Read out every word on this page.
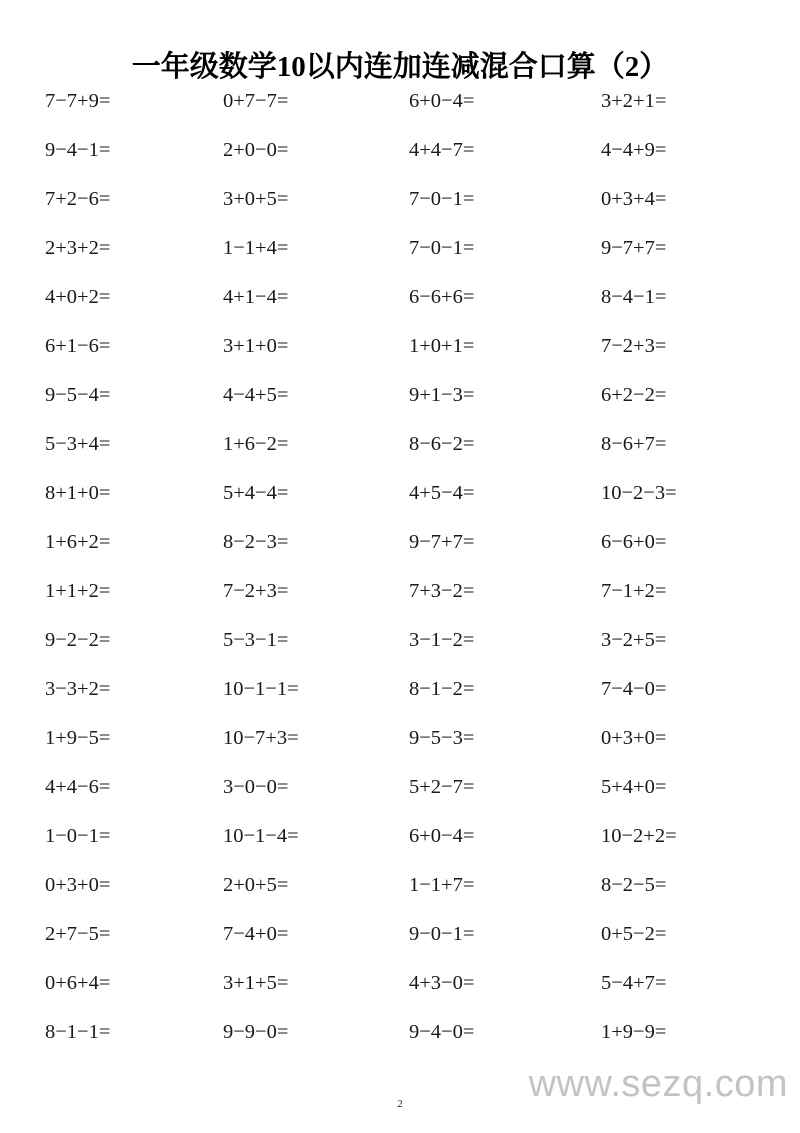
一年级数学10以内连加连减混合口算（2）
7−7+9=
9−4−1=
7+2−6=
2+3+2=
4+0+2=
6+1−6=
9−5−4=
5−3+4=
8+1+0=
1+6+2=
1+1+2=
9−2−2=
3−3+2=
1+9−5=
4+4−6=
1−0−1=
0+3+0=
2+7−5=
0+6+4=
8−1−1=
0+7−7=
2+0−0=
3+0+5=
1−1+4=
4+1−4=
3+1+0=
4−4+5=
1+6−2=
5+4−4=
8−2−3=
7−2+3=
5−3−1=
10−1−1=
10−7+3=
3−0−0=
10−1−4=
2+0+5=
7−4+0=
3+1+5=
9−9−0=
6+0−4=
4+4−7=
7−0−1=
7−0−1=
6−6+6=
1+0+1=
9+1−3=
8−6−2=
4+5−4=
9−7+7=
7+3−2=
3−1−2=
8−1−2=
9−5−3=
5+2−7=
6+0−4=
1−1+7=
9−0−1=
4+3−0=
9−4−0=
3+2+1=
4−4+9=
0+3+4=
9−7+7=
8−4−1=
7−2+3=
6+2−2=
8−6+7=
10−2−3=
6−6+0=
7−1+2=
3−2+5=
7−4−0=
0+3+0=
5+4+0=
10−2+2=
8−2−5=
0+5−2=
5−4+7=
1+9−9=
2	www.sezq.com
